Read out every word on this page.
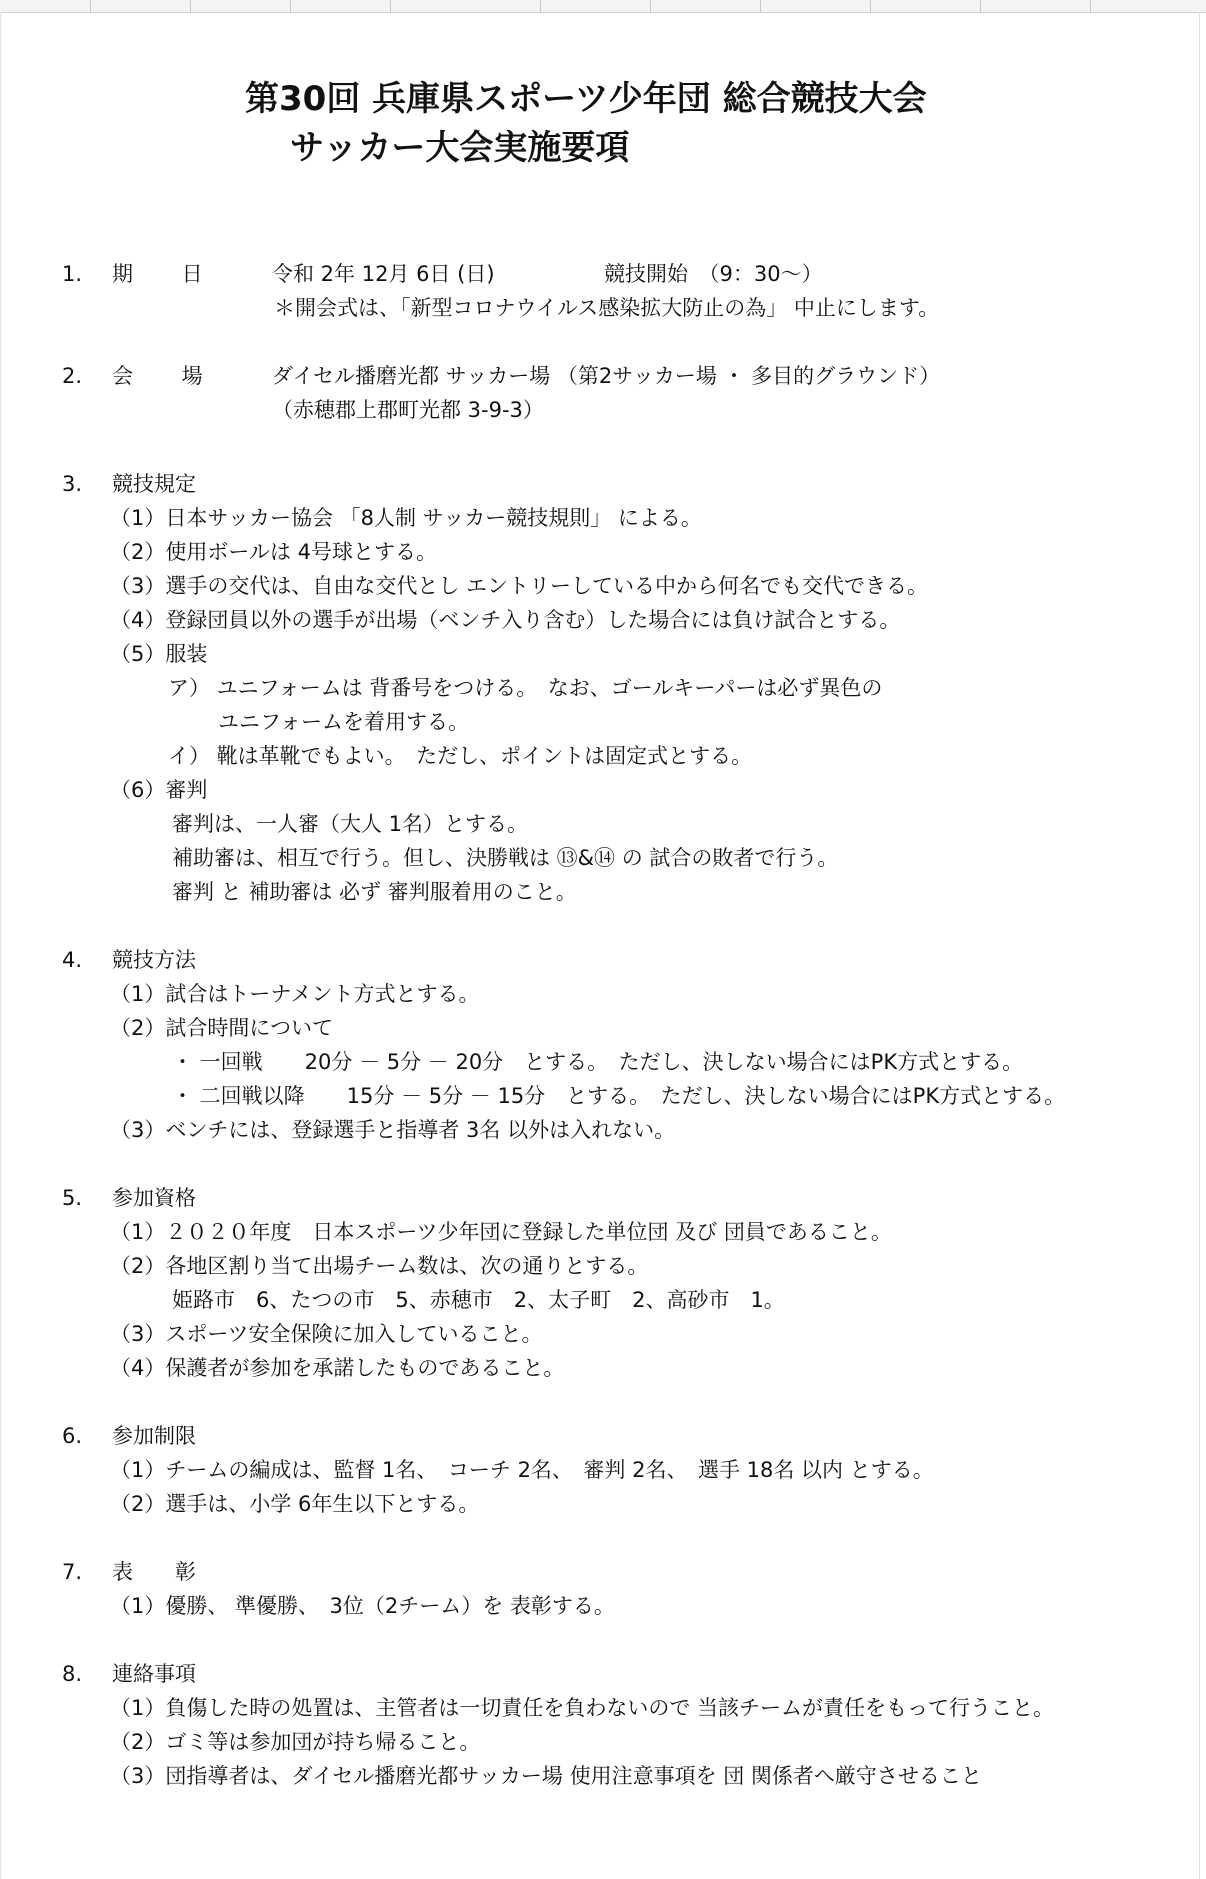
第30回 兵庫県スポーツ少年団 総合競技大会
サッカー大会実施要項
1. 期　　 日	令和 2年 12月 6日 (日)	競技開始　（9：30～）
＊開会式は、「新型コロナウイルス感染拡大防止の為」 中止にします。
2. 会　　 場	ダイセル播磨光都 サッカー場 （第2サッカー場 ・ 多目的グラウンド）
（赤穂郡上郡町光都 3-9-3）
3. 競技規定
（1）日本サッカー協会 「8人制 サッカー競技規則」 による。
（2）使用ボールは 4号球とする。
（3）選手の交代は、自由な交代とし エントリーしている中から何名でも交代できる。
（4）登録団員以外の選手が出場（ベンチ入り含む）した場合には負け試合とする。
（5）服装
ア） ユニフォームは 背番号をつける。　なお、ゴールキーパーは必ず異色の
ユニフォームを着用する。
イ） 靴は革靴でもよい。　ただし、ポイントは固定式とする。
（6）審判
審判は、一人審（大人 1名）とする。
補助審は、相互で行う。但し、決勝戦は ⑬&⑭ の 試合の敗者で行う。
審判 と 補助審は 必ず 審判服着用のこと。
4. 競技方法
（1）試合はトーナメント方式とする。
（2）試合時間について
・ 一回戦　　20分 － 5分 － 20分　とする。　ただし、決しない場合にはPK方式とする。
・ 二回戦以降　　15分 － 5分 － 15分　とする。　ただし、決しない場合にはPK方式とする。
（3）ベンチには、登録選手と指導者 3名 以外は入れない。
5. 参加資格
（1）２０２０年度　日本スポーツ少年団に登録した単位団 及び 団員であること。
（2）各地区割り当て出場チーム数は、次の通りとする。
姫路市　6、たつの市　5、赤穂市　2、太子町　2、高砂市　1。
（3）スポーツ安全保険に加入していること。
（4）保護者が参加を承諾したものであること。
6. 参加制限
（1）チームの編成は、監督 1名、　コーチ 2名、　審判 2名、　選手 18名 以内 とする。
（2）選手は、小学 6年生以下とする。
7. 表　　彰
（1）優勝、 準優勝、　3位（2チーム）を 表彰する。
8. 連絡事項
（1）負傷した時の処置は、主管者は一切責任を負わないので 当該チームが責任をもって行うこと。
（2）ゴミ等は参加団が持ち帰ること。
（3）団指導者は、ダイセル播磨光都サッカー場 使用注意事項を 団 関係者へ厳守させること
